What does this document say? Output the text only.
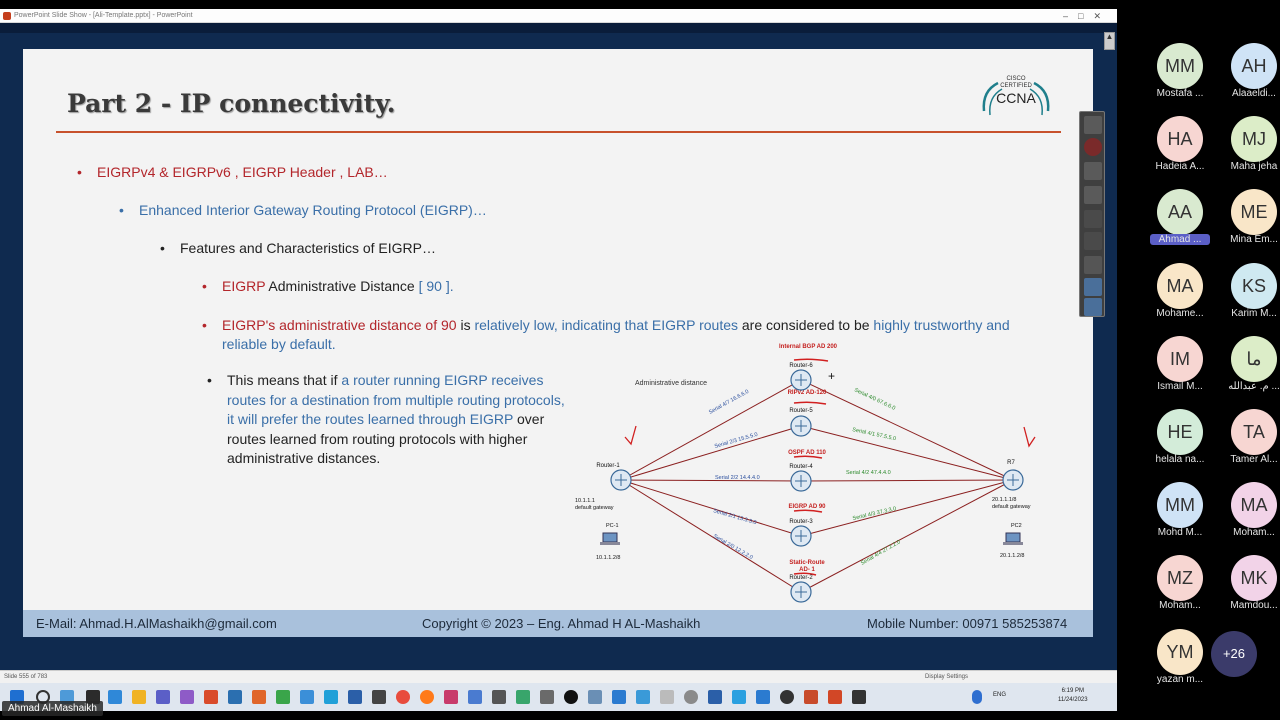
PowerPoint Slide Show - [Ali-Template.pptx] - PowerPoint	–□✕
▲
Part 2 - IP connectivity.
CISCO
CERTIFIED
CCNA
• EIGRPv4 & EIGRPv6 , EIGRP Header , LAB…
• Enhanced Interior Gateway Routing Protocol (EIGRP)…
• Features and Characteristics of EIGRP…
• EIGRP Administrative Distance [ 90 ].
• EIGRP's administrative distance of 90 is relatively low, indicating that EIGRP routes are considered to be highly trustworthy and reliable by default.
• This means that if a router running EIGRP receives routes for a destination from multiple routing protocols, it will prefer the routes learned through EIGRP over routes learned from routing protocols with higher administrative distances.
Administrative distance
Serial 4/7 16.6.6.0
Serial 2/3 15.5.5.0
Serial 2/2 14.4.4.0
Serial 2/1 13.3.3.0
Serial 2/0 12.2.2.0
Serial 4/0 67.6.6.0
Serial 4/1 57.5.5.0
Serial 4/2 47.4.4.0
Serial 4/3 37.3.3.0
Serial 4/4 27.2.2.0
Internal BGP AD 200
RIPv2 AD-120
OSPF AD 110
EIGRP AD 90
Static-Route
AD- 1
+
Router-6
Router-5
Router-4
Router-3
Router-2
Router-1	R7
10.1.1.1
default gateway
PC-1
10.1.1.2/8
20.1.1.1/8
default gateway
PC2
20.1.1.2/8
E-Mail: Ahmad.H.AlMashaikh@gmail.com	Copyright © 2023 – Eng. Ahmad H AL-Mashaikh	Mobile Number: 00971 585253874
Slide 555 of 783	Display Settings
ENG
6:19 PM
11/24/2023
Ahmad Al-Mashaikh
MM
Mostafa ...
AH
Alaaeldi...
HA
Hadeia A...
MJ
Maha jeha
AA
Ahmad ...
ME
Mina Em...
MA
Mohame...
KS
Karim M...
IM
Ismail M...
ما
م. عبدالله ...
HE
helala na...
TA
Tamer Al...
MM
Mohd M...
MA
Moham...
MZ
Moham...
MK
Mamdou...
YM
yazan m...
+26
